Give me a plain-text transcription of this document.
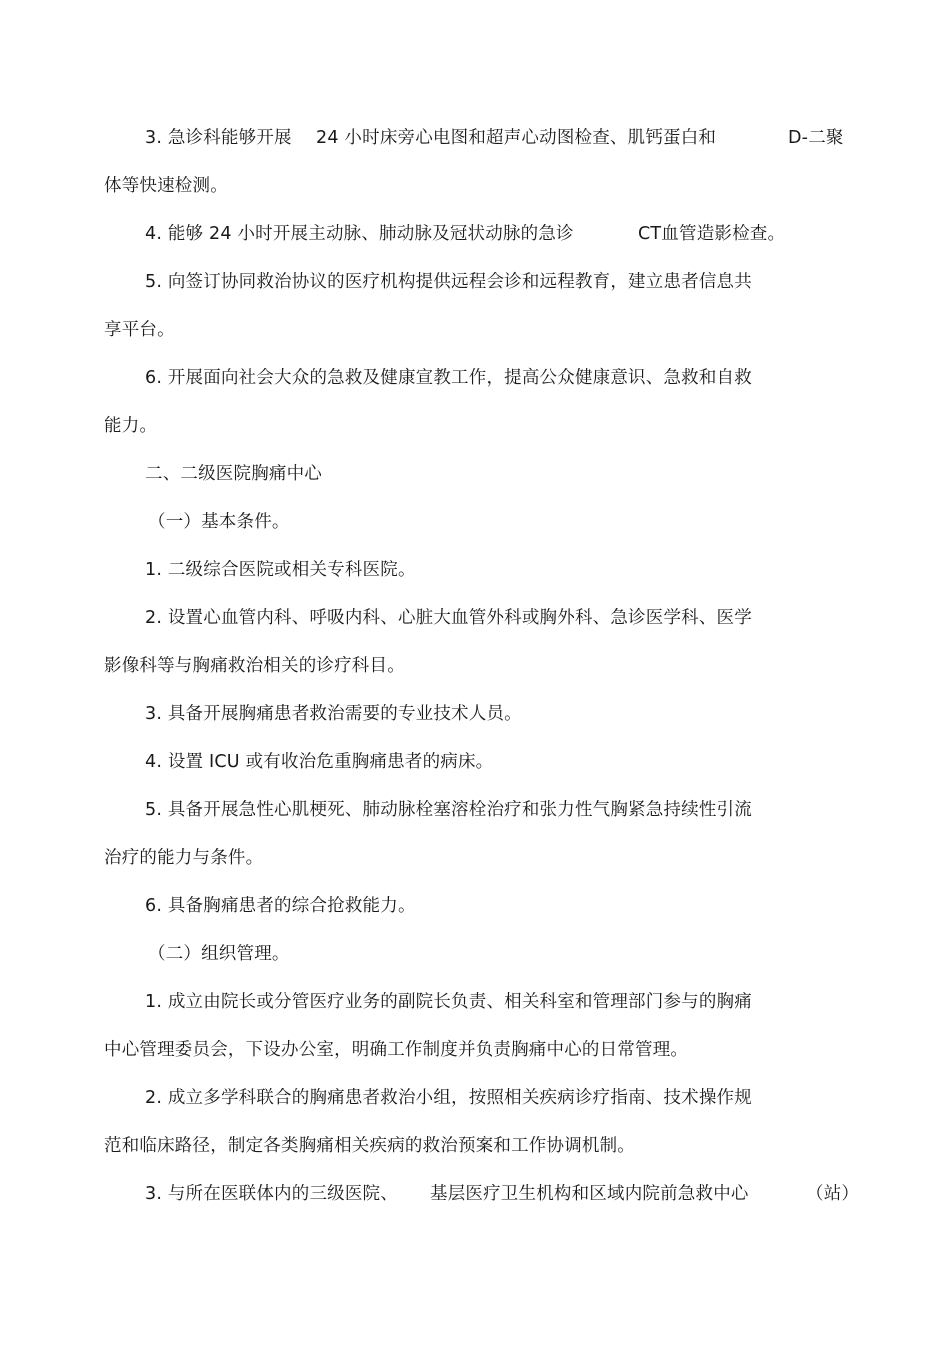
3. 急诊科能够开展 24 小时床旁心电图和超声心动图检查、肌钙蛋白和	D-二聚
体等快速检测。
4. 能够 24 小时开展主动脉、肺动脉及冠状动脉的急诊	CT血管造影检查。
5. 向签订协同救治协议的医疗机构提供远程会诊和远程教育，建立患者信息共
享平台。
6. 开展面向社会大众的急救及健康宣教工作，提高公众健康意识、急救和自救
能力。
二、二级医院胸痛中心
（一）基本条件。
1. 二级综合医院或相关专科医院。
2. 设置心血管内科、呼吸内科、心脏大血管外科或胸外科、急诊医学科、医学
影像科等与胸痛救治相关的诊疗科目。
3. 具备开展胸痛患者救治需要的专业技术人员。
4. 设置 ICU 或有收治危重胸痛患者的病床。
5. 具备开展急性心肌梗死、肺动脉栓塞溶栓治疗和张力性气胸紧急持续性引流
治疗的能力与条件。
6. 具备胸痛患者的综合抢救能力。
（二）组织管理。
1. 成立由院长或分管医疗业务的副院长负责、相关科室和管理部门参与的胸痛
中心管理委员会，下设办公室，明确工作制度并负责胸痛中心的日常管理。
2. 成立多学科联合的胸痛患者救治小组，按照相关疾病诊疗指南、技术操作规
范和临床路径，制定各类胸痛相关疾病的救治预案和工作协调机制。
3. 与所在医联体内的三级医院、 基层医疗卫生机构和区域内院前急救中心	（站）
